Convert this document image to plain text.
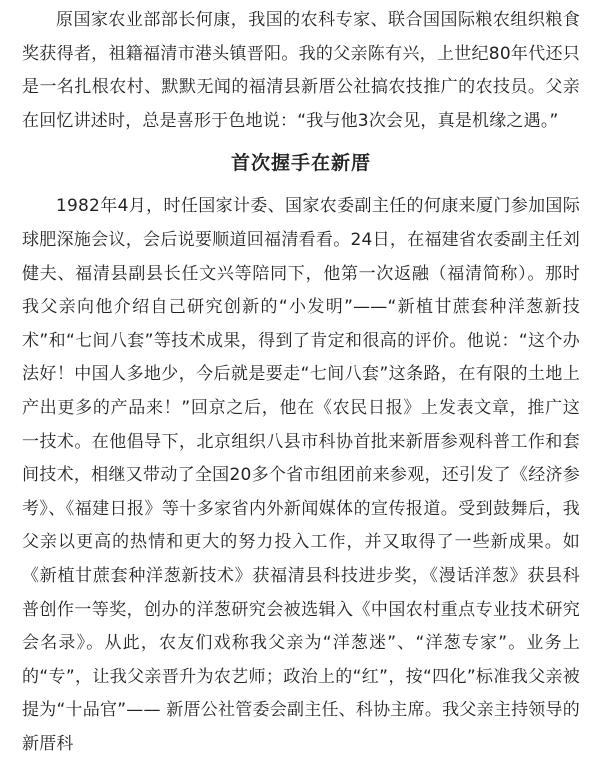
原国家农业部部长何康，我国的农科专家、联合国国际粮农组织粮食奖获得者，祖籍福清市港头镇晋阳。我的父亲陈有兴，上世纪80年代还只是一名扎根农村、默默无闻的福清县新厝公社搞农技推广的农技员。父亲在回忆讲述时，总是喜形于色地说：“我与他3次会见，真是机缘之遇。”

首次握手在新厝

1982年4月，时任国家计委、国家农委副主任的何康来厦门参加国际球肥深施会议，会后说要顺道回福清看看。24日，在福建省农委副主任刘健夫、福清县副县长任文兴等陪同下，他第一次返融（福清简称）。那时我父亲向他介绍自己研究创新的“小发明”——“新植甘蔗套种洋葱新技术”和“七间八套”等技术成果，得到了肯定和很高的评价。他说：“这个办法好！中国人多地少，今后就是要走“七间八套”这条路，在有限的土地上产出更多的产品来！”回京之后，他在《农民日报》上发表文章，推广这一技术。在他倡导下，北京组织八县市科协首批来新厝参观科普工作和套间技术，相继又带动了全国20多个省市组团前来参观，还引发了《经济参考》、《福建日报》等十多家省内外新闻媒体的宣传报道。受到鼓舞后，我父亲以更高的热情和更大的努力投入工作，并又取得了一些新成果。如《新植甘蔗套种洋葱新技术》获福清县科技进步奖，《漫话洋葱》获县科普创作一等奖，创办的洋葱研究会被选辑入《中国农村重点专业技术研究会名录》。从此，农友们戏称我父亲为“洋葱迷”、“洋葱专家”。业务上的“专”，让我父亲晋升为农艺师；政治上的“红”，按“四化”标准我父亲被提为“十品官”—— 新厝公社管委会副主任、科协主席。我父亲主持领导的新厝科
